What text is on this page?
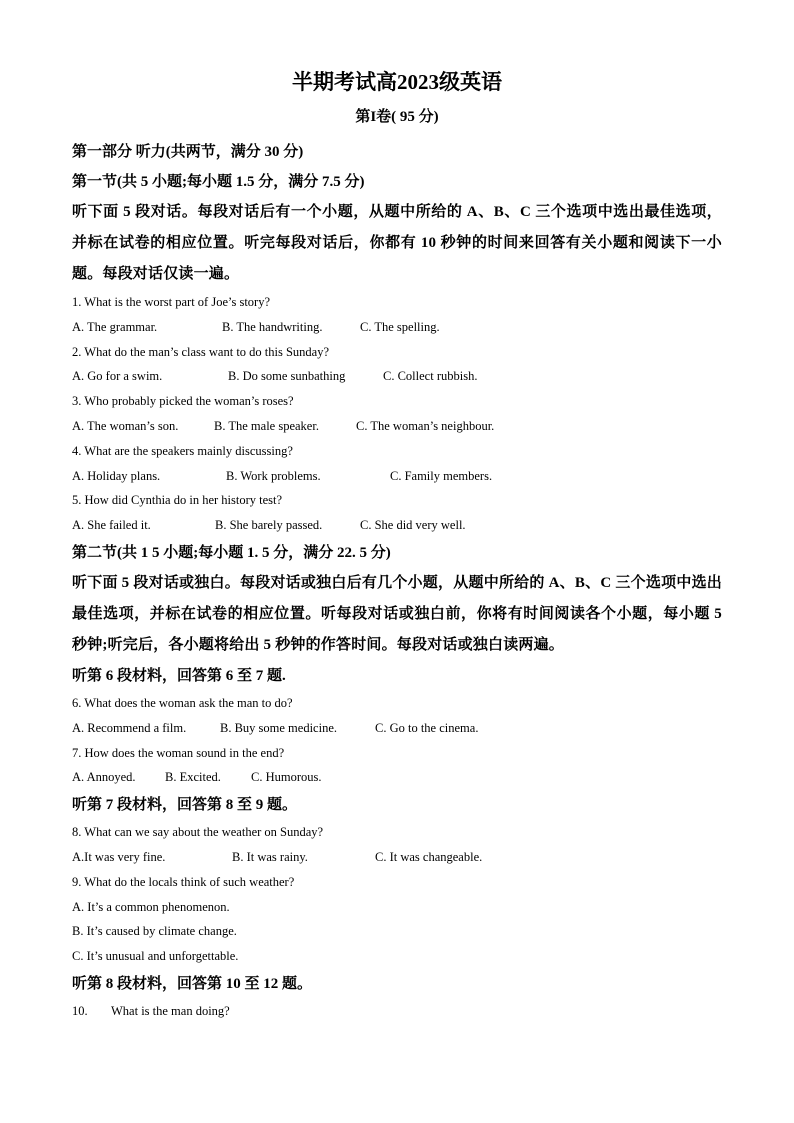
半期考试高2023级英语
第I卷( 95 分)
第一部分 听力(共两节，满分 30 分)
第一节(共 5 小题;每小题 1.5 分，满分 7.5 分)
听下面 5 段对话。每段对话后有一个小题，从题中所给的 A、B、C 三个选项中选出最佳选项， 并标在试卷的相应位置。听完每段对话后，你都有 10 秒钟的时间来回答有关小题和阅读下一小题。每段对话仅读一遍。
1. What is the worst part of Joe’s story?
A. The grammar.	B. The handwriting.	C. The spelling.
2. What do the man’s class want to do this Sunday?
A. Go for a swim.	B. Do some sunbathing	C. Collect rubbish.
3. Who probably picked the woman’s roses?
A. The woman’s son.	B. The male speaker.	C. The woman’s neighbour.
4. What are the speakers mainly discussing?
A. Holiday plans.	B. Work problems.	C. Family members.
5. How did Cynthia do in her history test?
A. She failed it.	B. She barely passed.	C. She did very well.
第二节(共 1 5 小题;每小题 1. 5 分，满分 22. 5 分)
听下面 5 段对话或独白。每段对话或独白后有几个小题，从题中所给的 A、B、C 三个选项中选出最佳选项，并标在试卷的相应位置。听每段对话或独白前，你将有时间阅读各个小题，每小题 5 秒钟;听完后，各小题将给出 5 秒钟的作答时间。每段对话或独白读两遍。
听第 6 段材料，回答第 6 至 7 题.
6. What does the woman ask the man to do?
A. Recommend a film.	B. Buy some medicine.	C. Go to the cinema.
7. How does the woman sound in the end?
A. Annoyed. B. Excited. C. Humorous.
听第 7 段材料，回答第 8 至 9 题。
8. What can we say about the weather on Sunday?
A.It was very fine.	B. It was rainy.	C. It was changeable.
9. What do the locals think of such weather?
A. It’s a common phenomenon.
B. It’s caused by climate change.
C. It’s unusual and unforgettable.
听第 8 段材料，回答第 10 至 12 题。
10. What is the man doing?
